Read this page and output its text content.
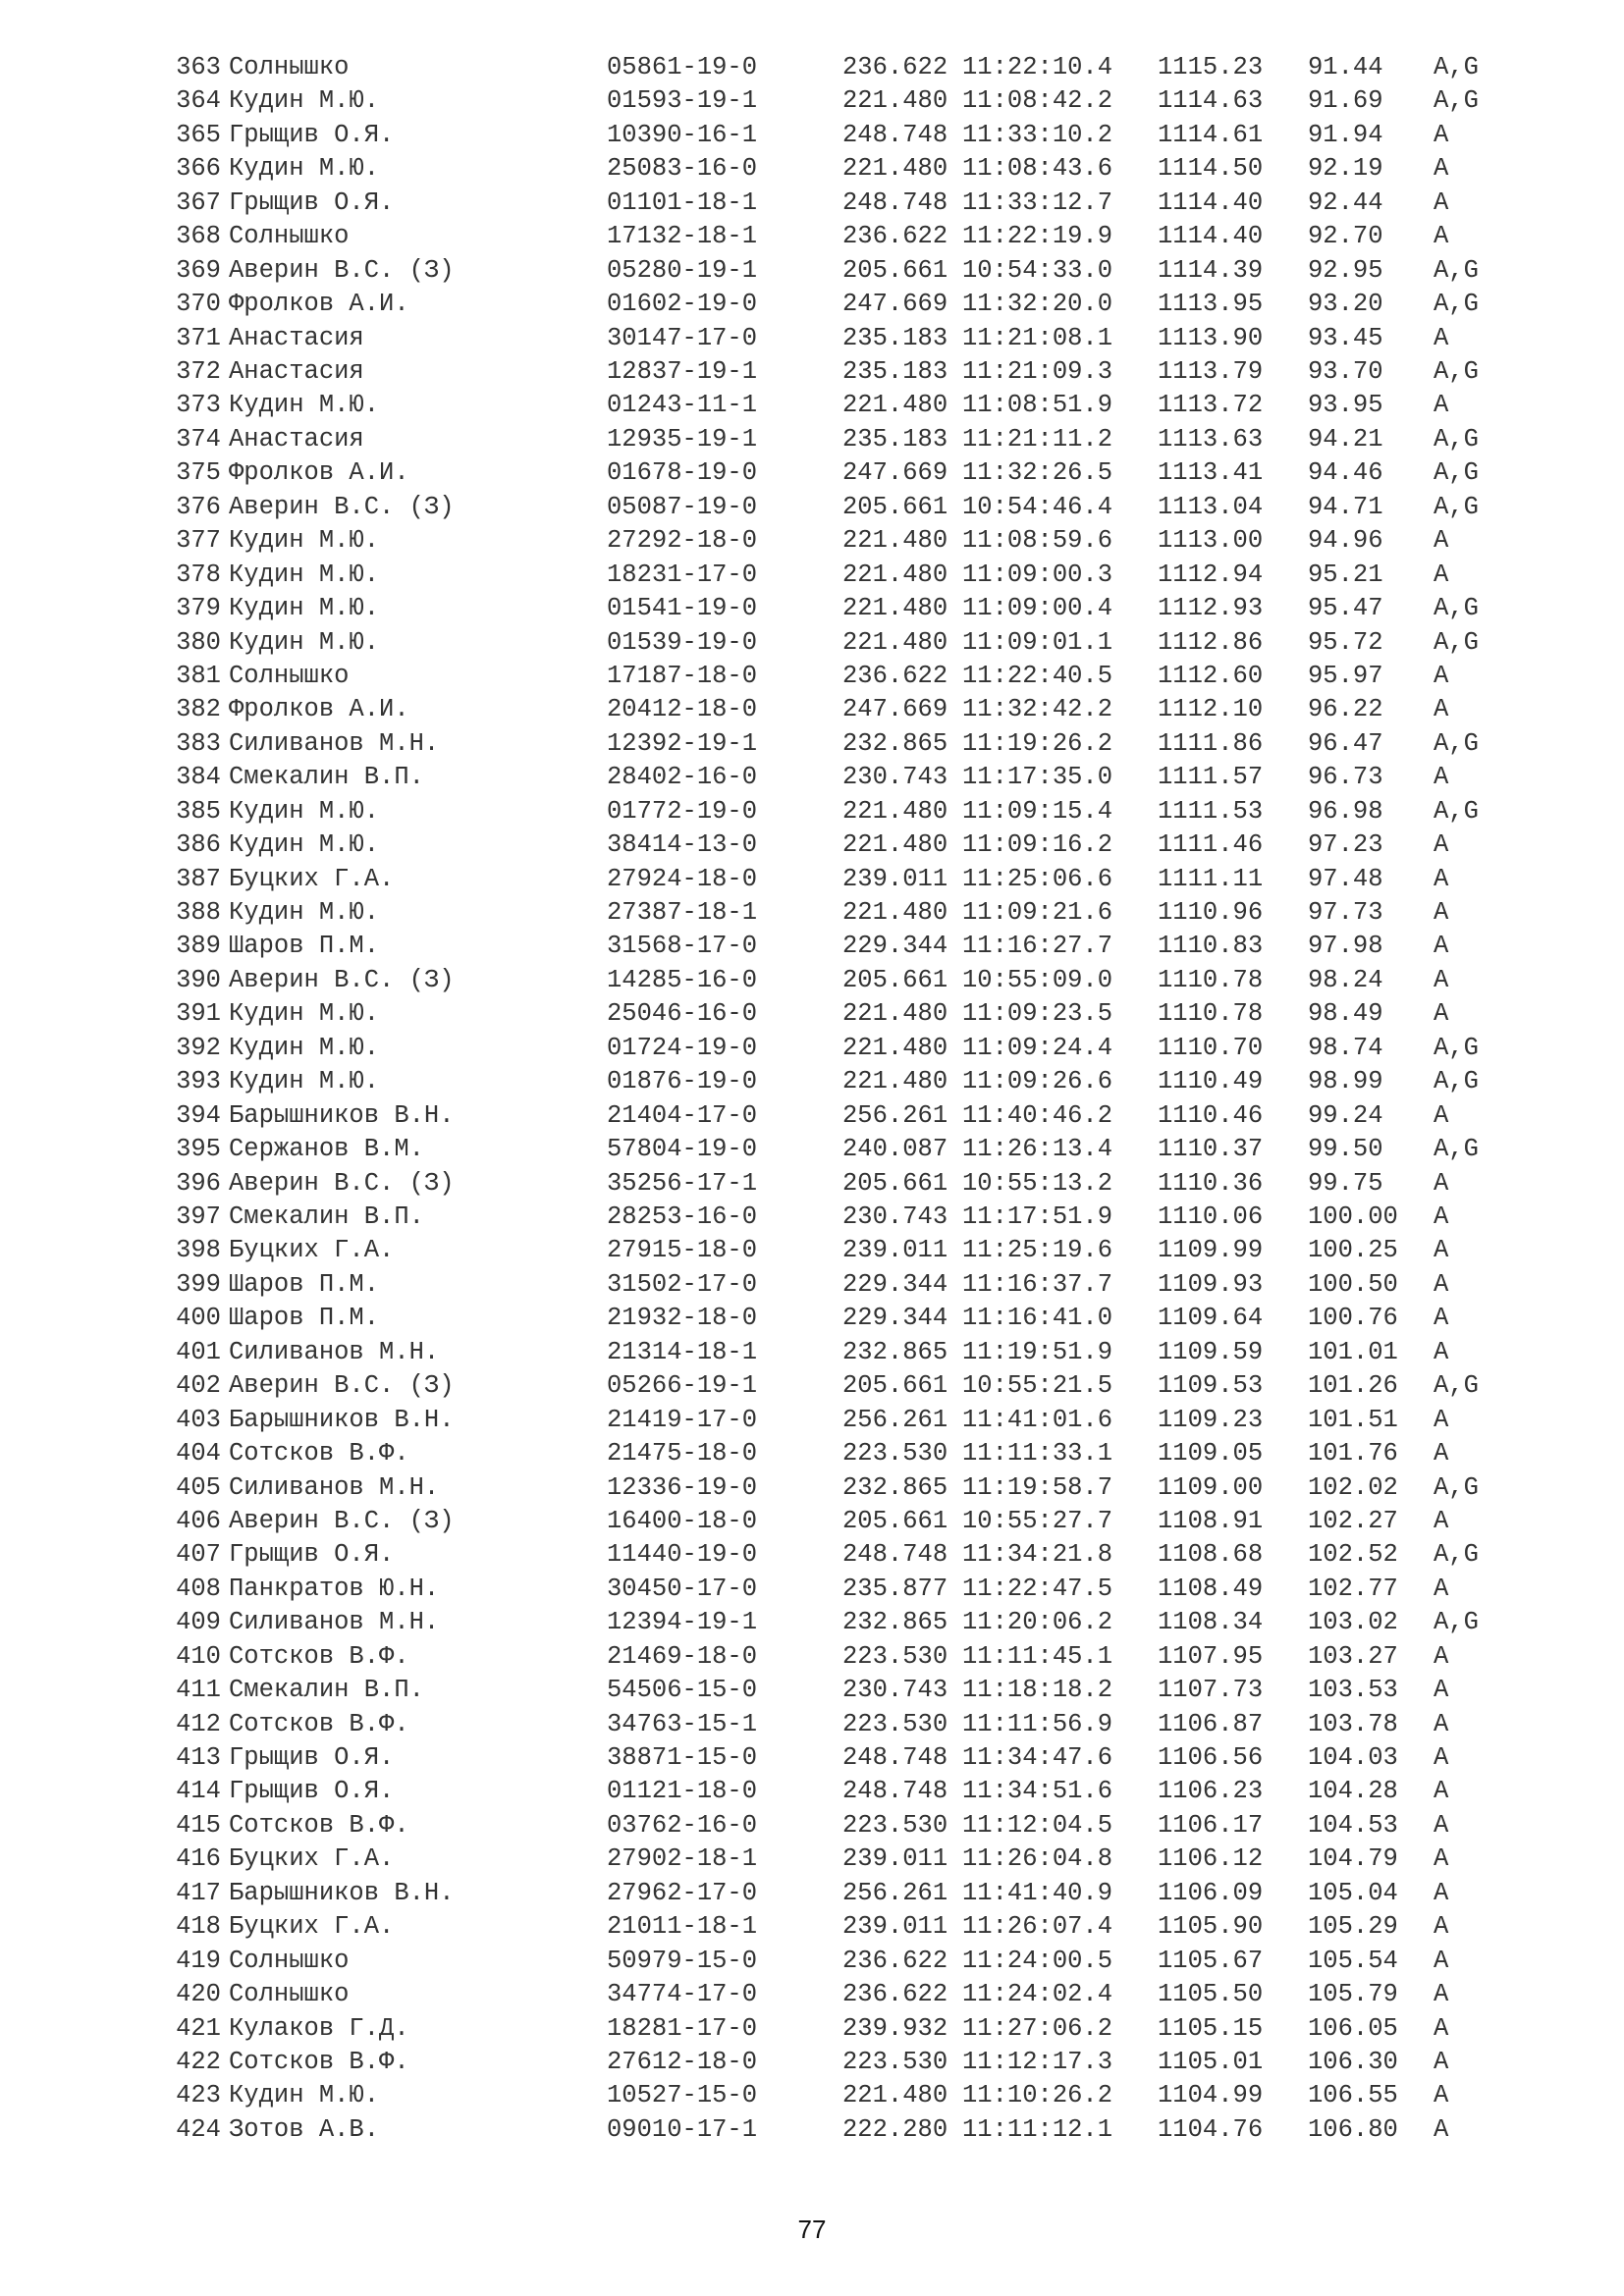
363 Солнышко	05861-19-0	236.622 11:22:10.4 1115.23 91.44 A,G
364 Кудин М.Ю.	01593-19-1	221.480 11:08:42.2 1114.63 91.69 A,G
365 Грыщив О.Я.	10390-16-1	248.748 11:33:10.2 1114.61 91.94 A
366 Кудин М.Ю.	25083-16-0	221.480 11:08:43.6 1114.50 92.19 A
367 Грыщив О.Я.	01101-18-1	248.748 11:33:12.7 1114.40 92.44 A
368 Солнышко	17132-18-1	236.622 11:22:19.9 1114.40 92.70 A
369 Аверин В.С. (З)	05280-19-1	205.661 10:54:33.0 1114.39 92.95 A,G
370 Фролков А.И.	01602-19-0	247.669 11:32:20.0 1113.95 93.20 A,G
371 Анастасия	30147-17-0	235.183 11:21:08.1 1113.90 93.45 A
372 Анастасия	12837-19-1	235.183 11:21:09.3 1113.79 93.70 A,G
373 Кудин М.Ю.	01243-11-1	221.480 11:08:51.9 1113.72 93.95 A
374 Анастасия	12935-19-1	235.183 11:21:11.2 1113.63 94.21 A,G
375 Фролков А.И.	01678-19-0	247.669 11:32:26.5 1113.41 94.46 A,G
376 Аверин В.С. (З)	05087-19-0	205.661 10:54:46.4 1113.04 94.71 A,G
377 Кудин М.Ю.	27292-18-0	221.480 11:08:59.6 1113.00 94.96 A
378 Кудин М.Ю.	18231-17-0	221.480 11:09:00.3 1112.94 95.21 A
379 Кудин М.Ю.	01541-19-0	221.480 11:09:00.4 1112.93 95.47 A,G
380 Кудин М.Ю.	01539-19-0	221.480 11:09:01.1 1112.86 95.72 A,G
381 Солнышко	17187-18-0	236.622 11:22:40.5 1112.60 95.97 A
382 Фролков А.И.	20412-18-0	247.669 11:32:42.2 1112.10 96.22 A
383 Силиванов М.Н.	12392-19-1	232.865 11:19:26.2 1111.86 96.47 A,G
384 Смекалин В.П.	28402-16-0	230.743 11:17:35.0 1111.57 96.73 A
385 Кудин М.Ю.	01772-19-0	221.480 11:09:15.4 1111.53 96.98 A,G
386 Кудин М.Ю.	38414-13-0	221.480 11:09:16.2 1111.46 97.23 A
387 Буцких Г.А.	27924-18-0	239.011 11:25:06.6 1111.11 97.48 A
388 Кудин М.Ю.	27387-18-1	221.480 11:09:21.6 1110.96 97.73 A
389 Шаров П.М.	31568-17-0	229.344 11:16:27.7 1110.83 97.98 A
390 Аверин В.С. (З)	14285-16-0	205.661 10:55:09.0 1110.78 98.24 A
391 Кудин М.Ю.	25046-16-0	221.480 11:09:23.5 1110.78 98.49 A
392 Кудин М.Ю.	01724-19-0	221.480 11:09:24.4 1110.70 98.74 A,G
393 Кудин М.Ю.	01876-19-0	221.480 11:09:26.6 1110.49 98.99 A,G
394 Барышников В.Н.	21404-17-0	256.261 11:40:46.2 1110.46 99.24 A
395 Сержанов В.М.	57804-19-0	240.087 11:26:13.4 1110.37 99.50 A,G
396 Аверин В.С. (З)	35256-17-1	205.661 10:55:13.2 1110.36 99.75 A
397 Смекалин В.П.	28253-16-0	230.743 11:17:51.9 1110.06 100.00 A
398 Буцких Г.А.	27915-18-0	239.011 11:25:19.6 1109.99 100.25 A
399 Шаров П.М.	31502-17-0	229.344 11:16:37.7 1109.93 100.50 A
400 Шаров П.М.	21932-18-0	229.344 11:16:41.0 1109.64 100.76 A
401 Силиванов М.Н.	21314-18-1	232.865 11:19:51.9 1109.59 101.01 A
402 Аверин В.С. (З)	05266-19-1	205.661 10:55:21.5 1109.53 101.26 A,G
403 Барышников В.Н.	21419-17-0	256.261 11:41:01.6 1109.23 101.51 A
404 Сотсков В.Ф.	21475-18-0	223.530 11:11:33.1 1109.05 101.76 A
405 Силиванов М.Н.	12336-19-0	232.865 11:19:58.7 1109.00 102.02 A,G
406 Аверин В.С. (З)	16400-18-0	205.661 10:55:27.7 1108.91 102.27 A
407 Грыщив О.Я.	11440-19-0	248.748 11:34:21.8 1108.68 102.52 A,G
408 Панкратов Ю.Н.	30450-17-0	235.877 11:22:47.5 1108.49 102.77 A
409 Силиванов М.Н.	12394-19-1	232.865 11:20:06.2 1108.34 103.02 A,G
410 Сотсков В.Ф.	21469-18-0	223.530 11:11:45.1 1107.95 103.27 A
411 Смекалин В.П.	54506-15-0	230.743 11:18:18.2 1107.73 103.53 A
412 Сотсков В.Ф.	34763-15-1	223.530 11:11:56.9 1106.87 103.78 A
413 Грыщив О.Я.	38871-15-0	248.748 11:34:47.6 1106.56 104.03 A
414 Грыщив О.Я.	01121-18-0	248.748 11:34:51.6 1106.23 104.28 A
415 Сотсков В.Ф.	03762-16-0	223.530 11:12:04.5 1106.17 104.53 A
416 Буцких Г.А.	27902-18-1	239.011 11:26:04.8 1106.12 104.79 A
417 Барышников В.Н.	27962-17-0	256.261 11:41:40.9 1106.09 105.04 A
418 Буцких Г.А.	21011-18-1	239.011 11:26:07.4 1105.90 105.29 A
419 Солнышко	50979-15-0	236.622 11:24:00.5 1105.67 105.54 A
420 Солнышко	34774-17-0	236.622 11:24:02.4 1105.50 105.79 A
421 Кулаков Г.Д.	18281-17-0	239.932 11:27:06.2 1105.15 106.05 A
422 Сотсков В.Ф.	27612-18-0	223.530 11:12:17.3 1105.01 106.30 A
423 Кудин М.Ю.	10527-15-0	221.480 11:10:26.2 1104.99 106.55 A
424 Зотов А.В.	09010-17-1	222.280 11:11:12.1 1104.76 106.80 A
77
